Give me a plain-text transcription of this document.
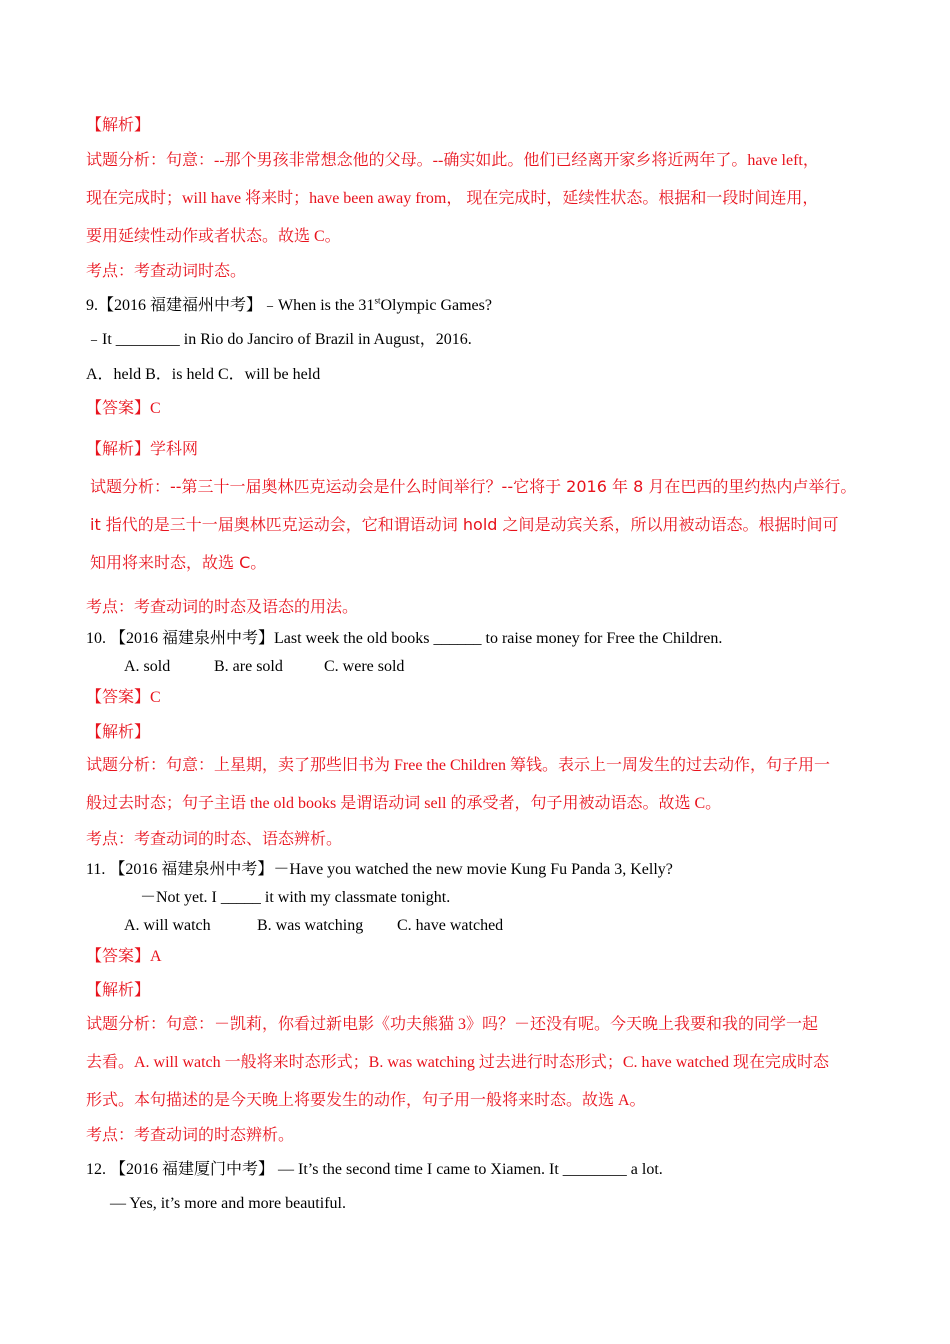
【解析】
试题分析：句意：--那个男孩非常想念他的父母。--确实如此。他们已经离开家乡将近两年了。have left，
现在完成时；will have 将来时；have been away from， 现在完成时，延续性状态。根据和一段时间连用，
要用延续性动作或者状态。故选 C。
考点：考查动词时态。
9.【2016 福建福州中考】﹣When is the 31stOlympic Games?
﹣It ________ in Rio do Janciro of Brazil in August，2016.
A．held B．is held C．will be held
【答案】C
【解析】学科网
试题分析：--第三十一届奥林匹克运动会是什么时间举行？--它将于 2016 年 8 月在巴西的里约热内卢举行。
it 指代的是三十一届奥林匹克运动会，它和谓语动词 hold 之间是动宾关系，所以用被动语态。根据时间可
知用将来时态，故选 C。
考点：考查动词的时态及语态的用法。
10. 【2016 福建泉州中考】Last week the old books ______ to raise money for Free the Children.
A. sold	B. are sold	C. were sold
【答案】C
【解析】
试题分析：句意：上星期，卖了那些旧书为 Free the Children 筹钱。表示上一周发生的过去动作，句子用一
般过去时态；句子主语 the old books 是谓语动词 sell 的承受者，句子用被动语态。故选 C。
考点：考查动词的时态、语态辨析。
11. 【2016 福建泉州中考】－Have you watched the new movie Kung Fu Panda 3, Kelly?
－Not yet. I _____ it with my classmate tonight.
A. will watch	B. was watching C. have watched
【答案】A
【解析】
试题分析：句意：－凯莉，你看过新电影《功夫熊猫 3》吗？－还没有呢。今天晚上我要和我的同学一起
去看。A. will watch 一般将来时态形式；B. was watching 过去进行时态形式；C. have watched 现在完成时态
形式。本句描述的是今天晚上将要发生的动作，句子用一般将来时态。故选 A。
考点：考查动词的时态辨析。
12. 【2016 福建厦门中考】 — It’s the second time I came to Xiamen. It ________ a lot.
— Yes, it’s more and more beautiful.
